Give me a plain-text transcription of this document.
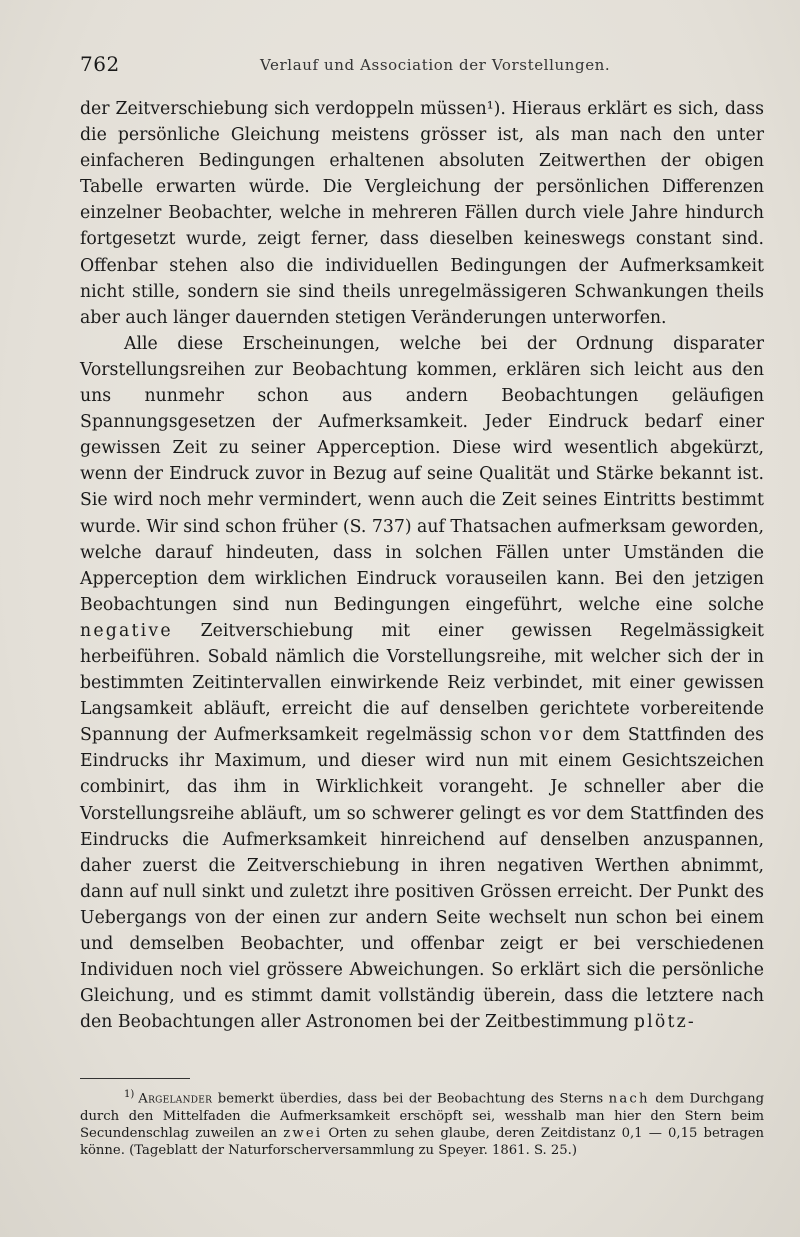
762	Verlauf und Association der Vorstellungen.

der Zeitverschiebung sich verdoppeln müssen¹). Hieraus erklärt es sich, dass die persönliche Gleichung meistens grösser ist, als man nach den unter einfacheren Bedingungen erhaltenen absoluten Zeitwerthen der obigen Tabelle erwarten würde. Die Vergleichung der persönlichen Differenzen einzelner Beobachter, welche in mehreren Fällen durch viele Jahre hindurch fortgesetzt wurde, zeigt ferner, dass dieselben keineswegs constant sind. Offenbar stehen also die individuellen Bedingungen der Aufmerksamkeit nicht stille, sondern sie sind theils unregelmässigeren Schwankungen theils aber auch länger dauernden stetigen Veränderungen unterworfen.

Alle diese Erscheinungen, welche bei der Ordnung disparater Vorstellungsreihen zur Beobachtung kommen, erklären sich leicht aus den uns nunmehr schon aus andern Beobachtungen geläufigen Spannungsgesetzen der Aufmerksamkeit. Jeder Eindruck bedarf einer gewissen Zeit zu seiner Apperception. Diese wird wesentlich abgekürzt, wenn der Eindruck zuvor in Bezug auf seine Qualität und Stärke bekannt ist. Sie wird noch mehr vermindert, wenn auch die Zeit seines Eintritts bestimmt wurde. Wir sind schon früher (S. 737) auf Thatsachen aufmerksam geworden, welche darauf hindeuten, dass in solchen Fällen unter Umständen die Apperception dem wirklichen Eindruck vorauseilen kann. Bei den jetzigen Beobachtungen sind nun Bedingungen eingeführt, welche eine solche negative Zeitverschiebung mit einer gewissen Regelmässigkeit herbeiführen. Sobald nämlich die Vorstellungsreihe, mit welcher sich der in bestimmten Zeitintervallen einwirkende Reiz verbindet, mit einer gewissen Langsamkeit abläuft, erreicht die auf denselben gerichtete vorbereitende Spannung der Aufmerksamkeit regelmässig schon vor dem Stattfinden des Eindrucks ihr Maximum, und dieser wird nun mit einem Gesichtszeichen combinirt, das ihm in Wirklichkeit vorangeht. Je schneller aber die Vorstellungsreihe abläuft, um so schwerer gelingt es vor dem Stattfinden des Eindrucks die Aufmerksamkeit hinreichend auf denselben anzuspannen, daher zuerst die Zeitverschiebung in ihren negativen Werthen abnimmt, dann auf null sinkt und zuletzt ihre positiven Grössen erreicht. Der Punkt des Uebergangs von der einen zur andern Seite wechselt nun schon bei einem und demselben Beobachter, und offenbar zeigt er bei verschiedenen Individuen noch viel grössere Abweichungen. So erklärt sich die persönliche Gleichung, und es stimmt damit vollständig überein, dass die letztere nach den Beobachtungen aller Astronomen bei der Zeitbestimmung plötz-

$^{1)}$ Argelander bemerkt überdies, dass bei der Beobachtung des Sterns nach dem Durchgang durch den Mittelfaden die Aufmerksamkeit erschöpft sei, wesshalb man hier den Stern beim Secundenschlag zuweilen an zwei Orten zu sehen glaube, deren Zeitdistanz 0,1 — 0,15 betragen könne. (Tageblatt der Naturforscherversammlung zu Speyer. 1861. S. 25.)
